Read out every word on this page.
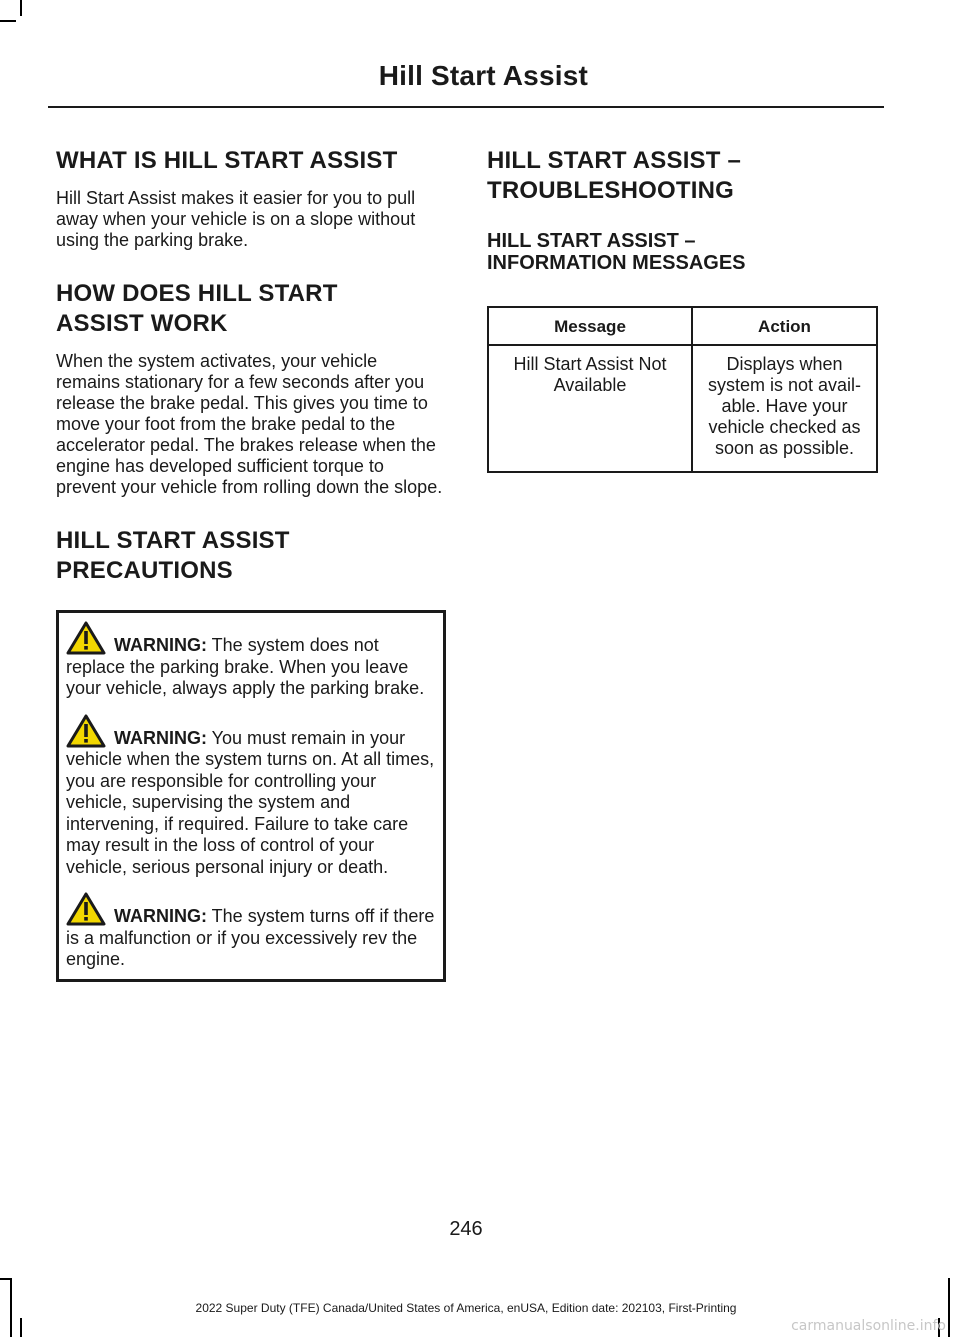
Hill Start Assist
WHAT IS HILL START ASSIST

Hill Start Assist makes it easier for you to pull away when your vehicle is on a slope without using the parking brake.

HOW DOES HILL START
ASSIST WORK

When the system activates, your vehicle remains stationary for a few seconds after you release the brake pedal. This gives you time to move your foot from the brake pedal to the accelerator pedal. The brakes release when the engine has developed sufficient torque to prevent your vehicle from rolling down the slope.

HILL START ASSIST
PRECAUTIONS

WARNING: The system does not replace the parking brake. When you leave your vehicle, always apply the parking brake.

WARNING: You must remain in your vehicle when the system turns on. At all times, you are responsible for controlling your vehicle, supervising the system and intervening, if required. Failure to take care may result in the loss of control of your vehicle, serious personal injury or death.

WARNING: The system turns off if there is a malfunction or if you excessively rev the engine.

HILL START ASSIST –
TROUBLESHOOTING
HILL START ASSIST –
INFORMATION MESSAGES
Message	Action
Hill Start Assist Not Available	Displays when system is not avail-able. Have your vehicle checked as soon as possible.
246
2022 Super Duty (TFE) Canada/United States of America, enUSA, Edition date: 202103, First-Printing
carmanualsonline.info
